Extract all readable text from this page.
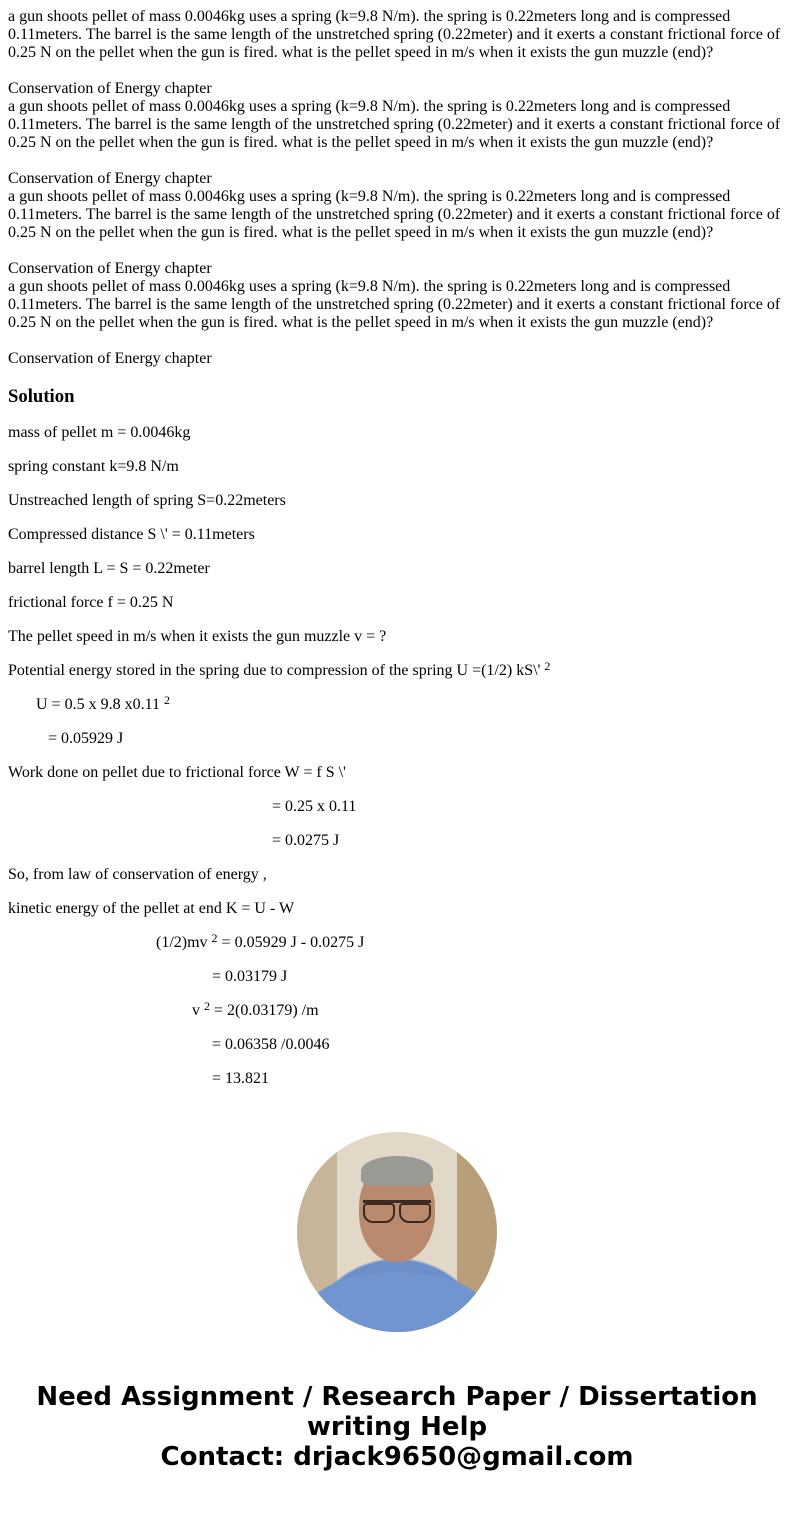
a gun shoots pellet of mass 0.0046kg uses a spring (k=9.8 N/m). the spring is 0.22meters long and is compressed 0.11meters. The barrel is the same length of the unstretched spring (0.22meter) and it exerts a constant frictional force of 0.25 N on the pellet when the gun is fired. what is the pellet speed in m/s when it exists the gun muzzle (end)?
Conservation of Energy chapter
a gun shoots pellet of mass 0.0046kg uses a spring (k=9.8 N/m). the spring is 0.22meters long and is compressed 0.11meters. The barrel is the same length of the unstretched spring (0.22meter) and it exerts a constant frictional force of 0.25 N on the pellet when the gun is fired. what is the pellet speed in m/s when it exists the gun muzzle (end)?
Conservation of Energy chapter
a gun shoots pellet of mass 0.0046kg uses a spring (k=9.8 N/m). the spring is 0.22meters long and is compressed 0.11meters. The barrel is the same length of the unstretched spring (0.22meter) and it exerts a constant frictional force of 0.25 N on the pellet when the gun is fired. what is the pellet speed in m/s when it exists the gun muzzle (end)?
Conservation of Energy chapter
a gun shoots pellet of mass 0.0046kg uses a spring (k=9.8 N/m). the spring is 0.22meters long and is compressed 0.11meters. The barrel is the same length of the unstretched spring (0.22meter) and it exerts a constant frictional force of 0.25 N on the pellet when the gun is fired. what is the pellet speed in m/s when it exists the gun muzzle (end)?
Conservation of Energy chapter
Solution

mass of pellet m = 0.0046kg

spring constant k=9.8 N/m

Unstreached length of spring S=0.22meters

Compressed distance S \' = 0.11meters

barrel length L = S = 0.22meter

frictional force f = 0.25 N

The pellet speed in m/s when it exists the gun muzzle v = ?

Potential energy stored in the spring due to compression of the spring U =(1/2) kS\' $^2$

U = 0.5 x 9.8 x0.11 $^2$

= 0.05929 J

Work done on pellet due to frictional force W = f S \'

= 0.25 x 0.11

= 0.0275 J

So, from law of conservation of energy ,

kinetic energy of the pellet at end K = U - W

(1/2)mv $^2$ = 0.05929 J - 0.0275 J

= 0.03179 J

v $^2$ = 2(0.03179) /m

= 0.06358 /0.0046

= 13.821

Need Assignment / Research Paper / Dissertation writing Help
Contact: drjack9650@gmail.com
